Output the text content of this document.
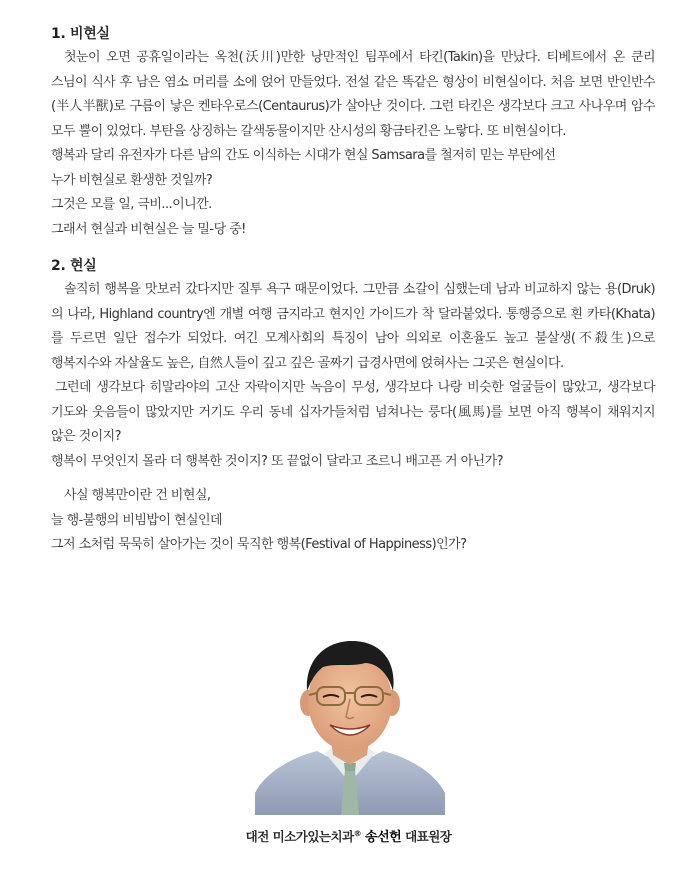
1. 비현실

첫눈이 오면 공휴일이라는 옥천(沃川)만한 낭만적인 팀푸에서 타킨(Takin)을 만났다. 티베트에서 온 쿤리 스님이 식사 후 남은 염소 머리를 소에 얹어 만들었다. 전설 같은 똑같은 형상이 비현실이다. 처음 보면 반인반수(半人半獸)로 구름이 낳은 켄타우로스(Centaurus)가 살아난 것이다. 그런 타킨은 생각보다 크고 사나우며 암수 모두 뿔이 있었다. 부탄을 상징하는 갈색동물이지만 산시성의 황금타킨은 노랗다. 또 비현실이다.

행복과 달리 유전자가 다른 남의 간도 이식하는 시대가 현실 Samsara를 철저히 믿는 부탄에선

누가 비현실로 환생한 것일까?

그것은 모를 일, 극비...이니깐.

그래서 현실과 비현실은 늘 밀-당 중!

2. 현실

솔직히 행복을 맛보러 갔다지만 질투 욕구 때문이었다. 그만큼 소갈이 심했는데 남과 비교하지 않는 용(Druk)의 나라, Highland country엔 개별 여행 금지라고 현지인 가이드가 착 달라붙었다. 통행증으로 흰 카타(Khata)를 두르면 일단 접수가 되었다. 여긴 모계사회의 특징이 남아 의외로 이혼율도 높고 불살생(不殺生)으로 행복지수와 자살율도 높은, 自然人들이 깊고 깊은 골짜기 급경사면에 얹혀사는 그곳은 현실이다.

그런데 생각보다 히말라야의 고산 자락이지만 녹음이 무성, 생각보다 나랑 비슷한 얼굴들이 많았고, 생각보다 기도와 웃음들이 많았지만 거기도 우리 동네 십자가들처럼 넘쳐나는 룽다(風馬)를 보면 아직 행복이 채워지지 않은 것이지?

행복이 무엇인지 몰라 더 행복한 것이지? 또 끝없이 달라고 조르니 배고픈 거 아닌가?

사실 행복만이란 건 비현실,

늘 행-불행의 비빔밥이 현실인데

그저 소처럼 묵묵히 살아가는 것이 묵직한 행복(Festival of Happiness)인가?

대전 미소가있는치과® 송선헌 대표원장
